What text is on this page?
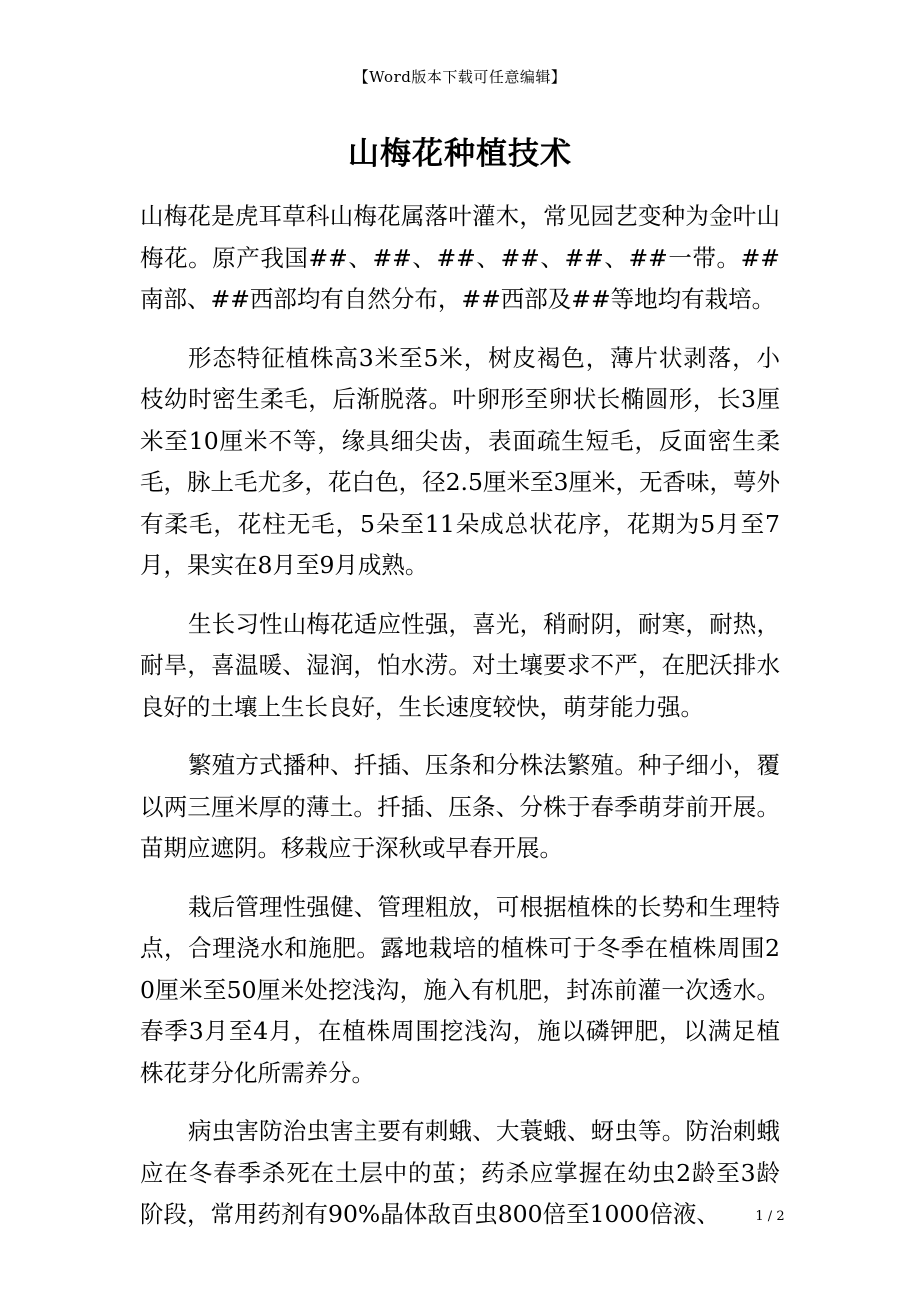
【Word版本下载可任意编辑】
山梅花种植技术

山梅花是虎耳草科山梅花属落叶灌木，常见园艺变种为金叶山梅花。原产我国##、##、##、##、##、##一带。##南部、##西部均有自然分布，##西部及##等地均有栽培。

形态特征植株高3米至5米，树皮褐色，薄片状剥落，小枝幼时密生柔毛，后渐脱落。叶卵形至卵状长椭圆形，长3厘米至10厘米不等，缘具细尖齿，表面疏生短毛，反面密生柔毛，脉上毛尤多，花白色，径2.5厘米至3厘米，无香味，萼外有柔毛，花柱无毛，5朵至11朵成总状花序，花期为5月至7月，果实在8月至9月成熟。

生长习性山梅花适应性强，喜光，稍耐阴，耐寒，耐热，耐旱，喜温暖、湿润，怕水涝。对土壤要求不严，在肥沃排水良好的土壤上生长良好，生长速度较快，萌芽能力强。

繁殖方式播种、扦插、压条和分株法繁殖。种子细小，覆以两三厘米厚的薄土。扦插、压条、分株于春季萌芽前开展。苗期应遮阴。移栽应于深秋或早春开展。

栽后管理性强健、管理粗放，可根据植株的长势和生理特点，合理浇水和施肥。露地栽培的植株可于冬季在植株周围20厘米至50厘米处挖浅沟，施入有机肥，封冻前灌一次透水。春季3月至4月，在植株周围挖浅沟，施以磷钾肥，以满足植株花芽分化所需养分。

病虫害防治虫害主要有刺蛾、大蓑蛾、蚜虫等。防治刺蛾应在冬春季杀死在土层中的茧；药杀应掌握在幼虫2龄至3龄阶段，常用药剂有90%晶体敌百虫800倍至1000倍液、	1 / 2
